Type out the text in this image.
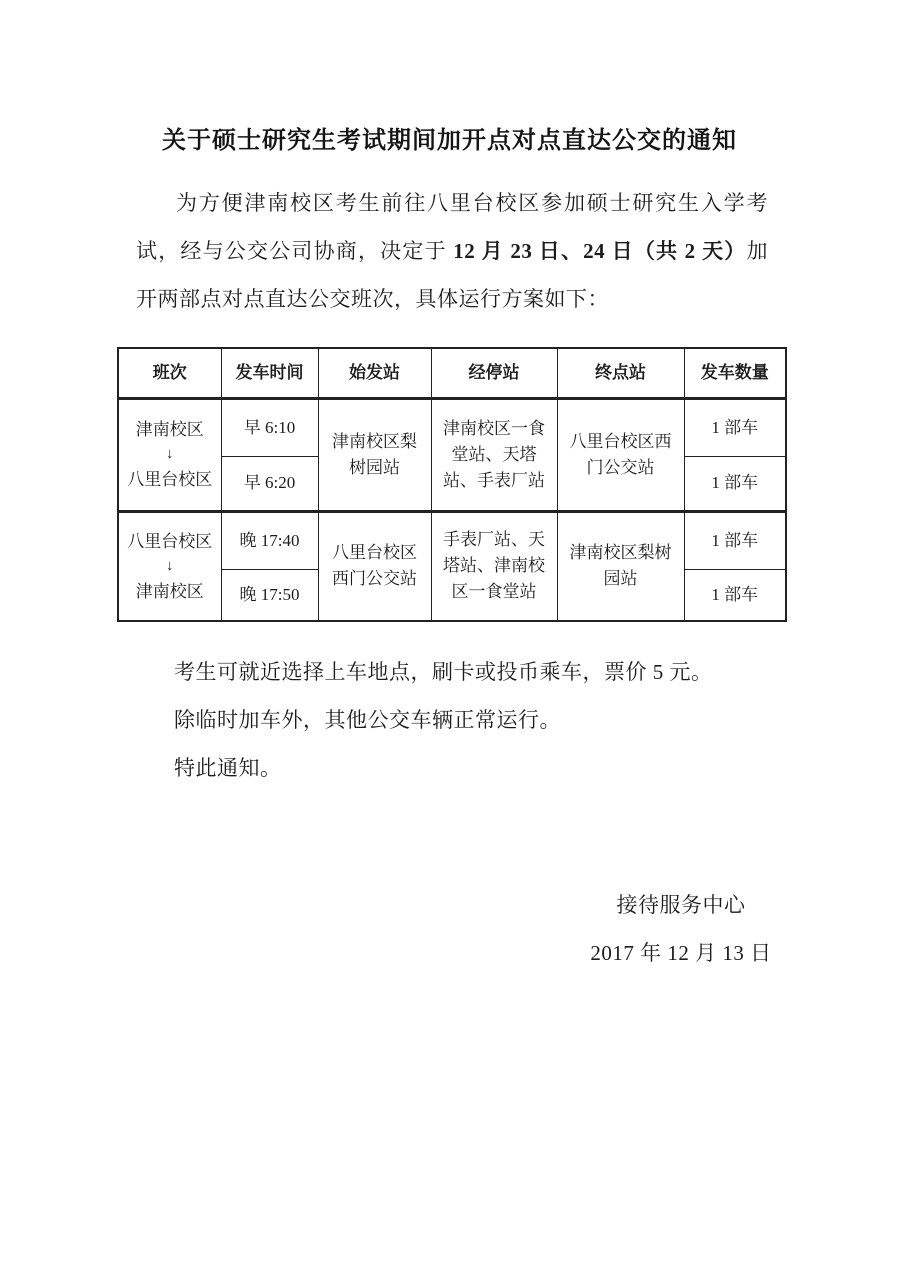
关于硕士研究生考试期间加开点对点直达公交的通知

为方便津南校区考生前往八里台校区参加硕士研究生入学考试，经与公交公司协商，决定于 12 月 23 日、24 日（共 2 天）加开两部点对点直达公交班次，具体运行方案如下：

班次	发车时间	始发站	经停站	终点站	发车数量

津南校区
↓
八里台校区	早 6:10	津南校区梨树园站	津南校区一食堂站、天塔站、手表厂站	八里台校区西门公交站	1 部车
	早 6:20				1 部车

八里台校区
↓
津南校区	晚 17:40	八里台校区西门公交站	手表厂站、天塔站、津南校区一食堂站	津南校区梨树园站	1 部车
	晚 17:50				1 部车

考生可就近选择上车地点，刷卡或投币乘车，票价 5 元。

除临时加车外，其他公交车辆正常运行。

特此通知。

接待服务中心

2017 年 12 月 13 日
